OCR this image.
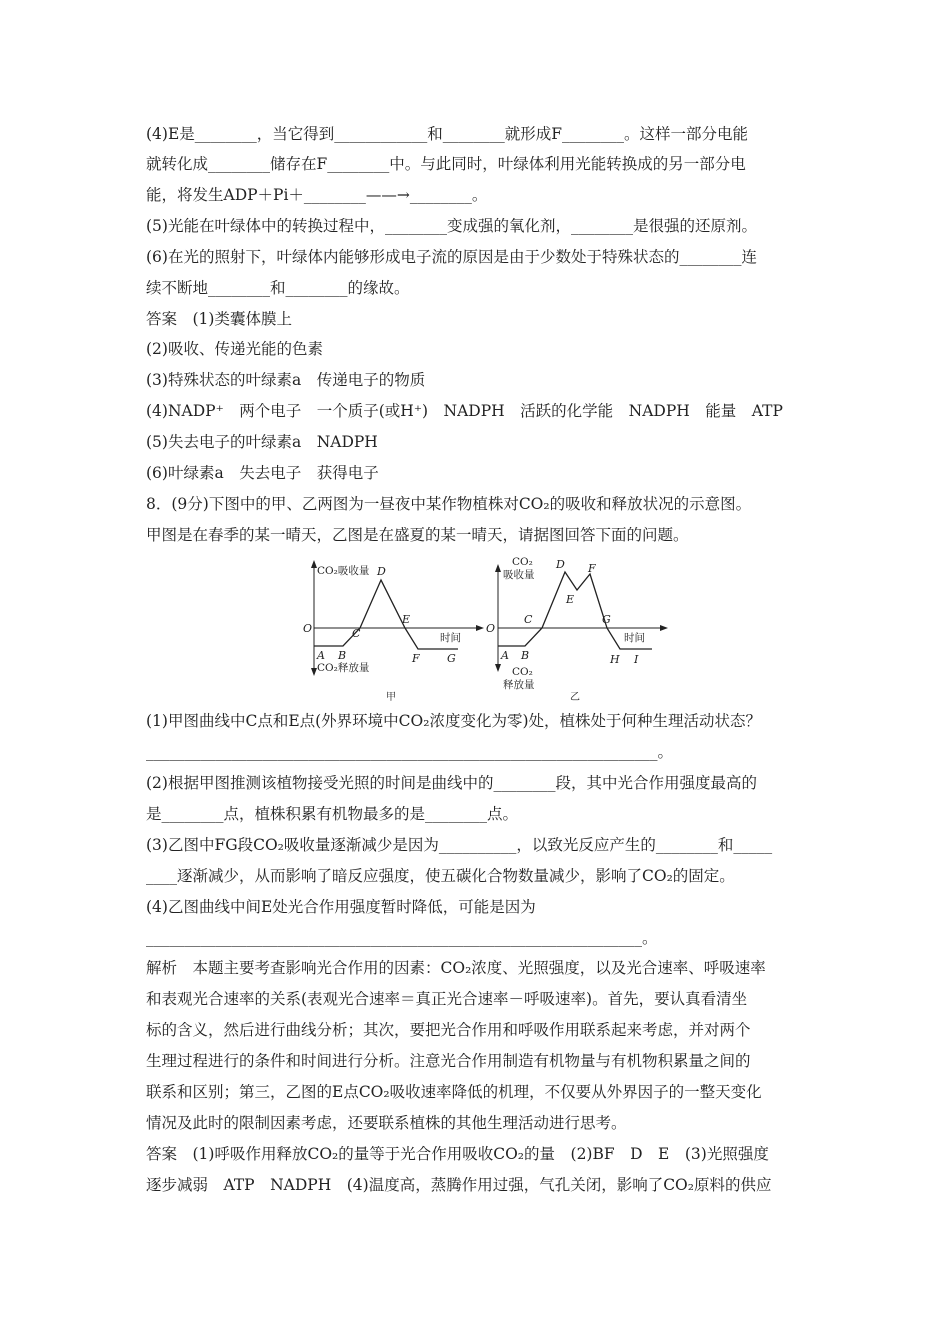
(4)E是________，当它得到____________和________就形成F________。这样一部分电能
就转化成________储存在F________中。与此同时，叶绿体利用光能转换成的另一部分电
能，将发生ADP＋Pi＋________——→________。
(5)光能在叶绿体中的转换过程中，________变成强的氧化剂，________是很强的还原剂。
(6)在光的照射下，叶绿体内能够形成电子流的原因是由于少数处于特殊状态的________连
续不断地________和________的缘故。
答案　(1)类囊体膜上
(2)吸收、传递光能的色素
(3)特殊状态的叶绿素a　传递电子的物质
(4)NADP⁺　两个电子　一个质子(或H⁺)　NADPH　活跃的化学能　NADPH　能量　ATP
(5)失去电子的叶绿素a　NADPH
(6)叶绿素a　失去电子　获得电子
8．(9分)下图中的甲、乙两图为一昼夜中某作物植株对CO₂的吸收和释放状况的示意图。
甲图是在春季的某一晴天，乙图是在盛夏的某一晴天，请据图回答下面的问题。
CO₂吸收量
CO₂释放量
时间
O
A B
C
D
E
F G
甲
CO₂
吸收量
CO₂
释放量
时间
O
A B
C
D
E
F
G
H I
乙
(1)甲图曲线中C点和E点(外界环境中CO₂浓度变化为零)处，植株处于何种生理活动状态？
__________________________________________________________________。
(2)根据甲图推测该植物接受光照的时间是曲线中的________段，其中光合作用强度最高的
是________点，植株积累有机物最多的是________点。
(3)乙图中FG段CO₂吸收量逐渐减少是因为__________，以致光反应产生的________和_____
____逐渐减少，从而影响了暗反应强度，使五碳化合物数量减少，影响了CO₂的固定。
(4)乙图曲线中间E处光合作用强度暂时降低，可能是因为
________________________________________________________________。
解析　本题主要考查影响光合作用的因素：CO₂浓度、光照强度，以及光合速率、呼吸速率
和表观光合速率的关系(表观光合速率＝真正光合速率－呼吸速率)。首先，要认真看清坐
标的含义，然后进行曲线分析；其次，要把光合作用和呼吸作用联系起来考虑，并对两个
生理过程进行的条件和时间进行分析。注意光合作用制造有机物量与有机物积累量之间的
联系和区别；第三，乙图的E点CO₂吸收速率降低的机理，不仅要从外界因子的一整天变化
情况及此时的限制因素考虑，还要联系植株的其他生理活动进行思考。
答案　(1)呼吸作用释放CO₂的量等于光合作用吸收CO₂的量　(2)BF　D　E　(3)光照强度
逐步减弱　ATP　NADPH　(4)温度高，蒸腾作用过强，气孔关闭，影响了CO₂原料的供应
